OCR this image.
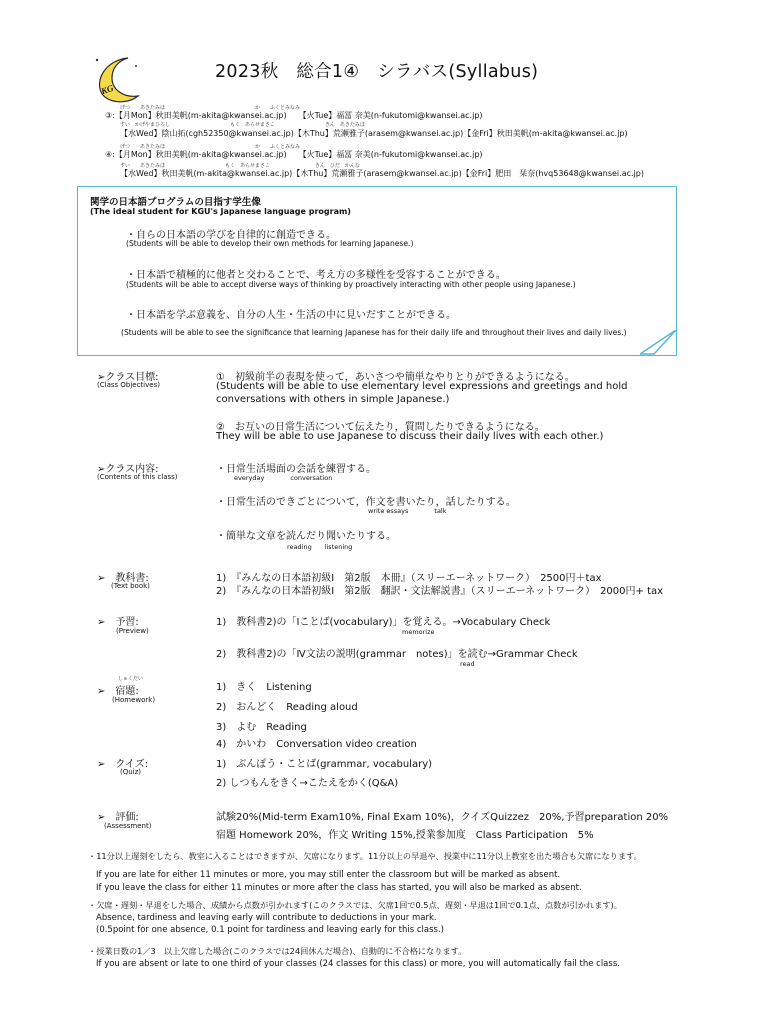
KG
2023秋　総合1④　シラバス(Syllabus)
げつ　　あきたみほ　　　　　　　　　　　　　　　　　　か　　ふくとみなみ
③:【月Mon】秋田美帆(m-akita@kwansei.ac.jp)　　【火Tue】福冨 奈美(n-fukutomi@kwansei.ac.jp)
すい　かげやまひろし　　　　　　　　　　　　もく　あらせまさこ　　　　　　　　　　きん　あきたみほ
【水Wed】陰山拓(cgh52350@kwansei.ac.jp)【木Thu】荒瀬雅子(arasem@kwansei.ac.jp)【金Fri】秋田美帆(m-akita@kwansei.ac.jp)
げつ　　あきたみほ　　　　　　　　　　　　　　　　　　か　　ふくとみなみ
④:【月Mon】秋田美帆(m-akita@kwansei.ac.jp)　　【火Tue】福冨 奈美(n-fukutomi@kwansei.ac.jp)
すい　　あきたみほ　　　　　　　　　　　　もく　あらせまさこ　　　　　　　　　きん　ひだ　かんな
【水Wed】秋田美帆(m-akita@kwansei.ac.jp)【木Thu】荒瀬雅子(arasem@kwansei.ac.jp)【金Fri】肥田　栞奈(hvq53648@kwansei.ac.jp)
関学の日本語プログラムの目指す学生像
(The ideal student for KGU's Japanese language program)
・自らの日本語の学びを自律的に創造できる。
(Students will be able to develop their own methods for learning Japanese.)
・日本語で積極的に他者と交わることで、考え方の多様性を受容することができる。
(Students will be able to accept diverse ways of thinking by proactively interacting with other people using Japanese.)
・日本語を学ぶ意義を、自分の人生・生活の中に見いだすことができる。
(Students will be able to see the significance that learning Japanese has for their daily life and throughout their lives and daily lives.)
➢クラス目標:
(Class Objectives)
①　初級前半の表現を使って，あいさつや簡単なやりとりができるようになる。
(Students will be able to use elementary level expressions and greetings and hold
conversations with others in simple Japanese.)
②　お互いの日常生活について伝えたり，質問したりできるようになる。
They will be able to use Japanese to discuss their daily lives with each other.)
➢クラス内容:
(Contents of this class)
・日常生活場面の会話を練習する。
everyday　　　　conversation
・日常生活のできごとについて，作文を書いたり，話したりする。
write essays　　　　talk
・簡単な文章を読んだり聞いたりする。
reading　　listening
➢　教科書:
(Text book)
1)　『みんなの日本語初級Ⅰ　第2版　本冊』（スリーエーネットワーク）　2500円＋tax
2)　『みんなの日本語初級Ⅰ　第2版　翻訳・文法解説書』（スリーエーネットワーク）　2000円+ tax
➢　予習:
(Preview)
1)　教科書2)の「Ⅰことば(vocabulary)」を覚える。→Vocabulary Check
memorize
2)　教科書2)の「Ⅳ文法の説明(grammar　notes)」を読む→Grammar Check
read
しゅくだい
➢　宿題:
(Homework)
1)　きく　Listening
2)　おんどく　Reading aloud
3)　よむ　Reading
4)　かいわ　Conversation video creation
➢　クイズ:
(Quiz)
1)　ぶんぽう・ことば(grammar, vocabulary)
2) しつもんをきく→こたえをかく(Q&A)
➢　評価:
(Assessment)
試験20%(Mid-term Exam10%, Final Exam 10%)，クイズQuizzez　20%,予習preparation 20%
宿題 Homework 20%，作文 Writing 15%,授業参加度　Class Participation　5%
・11分以上遅刻をしたら、教室に入ることはできますが、欠席になります。11分以上の早退や、授業中に11分以上教室を出た場合も欠席になります。
If you are late for either 11 minutes or more, you may still enter the classroom but will be marked as absent.
If you leave the class for either 11 minutes or more after the class has started, you will also be marked as absent.
・欠席・遅刻・早退をした場合、成績から点数が引かれます(このクラスでは、欠席1回で0.5点、遅刻・早退は1回で0.1点、点数が引かれます)。
Absence, tardiness and leaving early will contribute to deductions in your mark.
(0.5point for one absence, 0.1 point for tardiness and leaving early for this class.)
・授業日数の1／3　以上欠席した場合(このクラスでは24回休んだ場合)、自動的に不合格になります。
If you are absent or late to one third of your classes (24 classes for this class) or more, you will automatically fail the class.
